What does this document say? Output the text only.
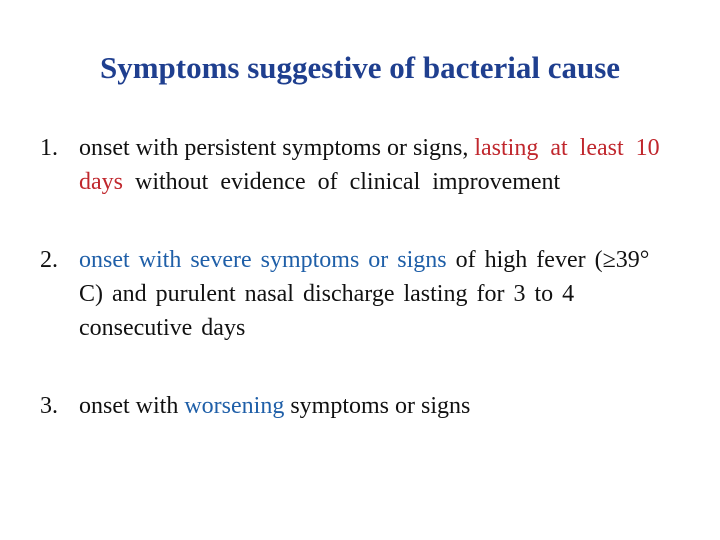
Symptoms suggestive of bacterial cause
1. onset with persistent symptoms or signs, lasting at least 10 days without evidence of clinical improvement
2. onset with severe symptoms or signs of high fever (≥39° C) and purulent nasal discharge lasting for 3 to 4 consecutive days
3. onset with worsening symptoms or signs
